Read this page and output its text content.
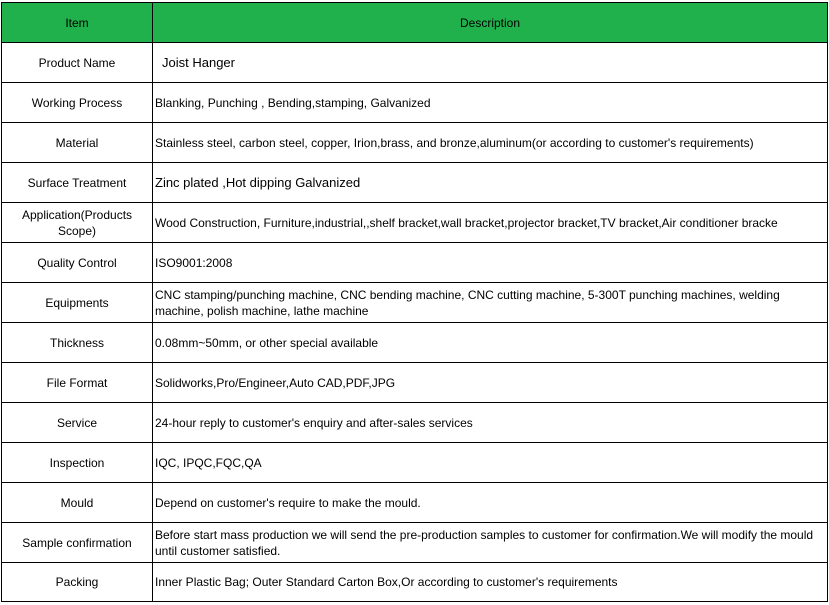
Item	Description
Product Name	Joist Hanger
Working Process	Blanking, Punching , Bending,stamping, Galvanized
Material	Stainless steel, carbon steel, copper, Irion,brass, and bronze,aluminum(or according to customer's requirements)
Surface Treatment	Zinc plated ,Hot dipping Galvanized
Application(Products Scope)	Wood Construction, Furniture,industrial,,shelf bracket,wall bracket,projector bracket,TV bracket,Air conditioner bracke
Quality Control	ISO9001:2008
Equipments	CNC stamping/punching machine, CNC bending machine, CNC cutting machine, 5-300T punching machines, welding machine, polish machine, lathe machine
Thickness	0.08mm~50mm, or other special available
File Format	Solidworks,Pro/Engineer,Auto CAD,PDF,JPG
Service	24-hour reply to customer's enquiry and after-sales services
Inspection	IQC, IPQC,FQC,QA
Mould	Depend on customer's require to make the mould.
Sample confirmation	Before start mass production we will send the pre-production samples to customer for confirmation.We will modify the mould until customer satisfied.
Packing	Inner Plastic Bag; Outer Standard Carton Box,Or according to customer's requirements
